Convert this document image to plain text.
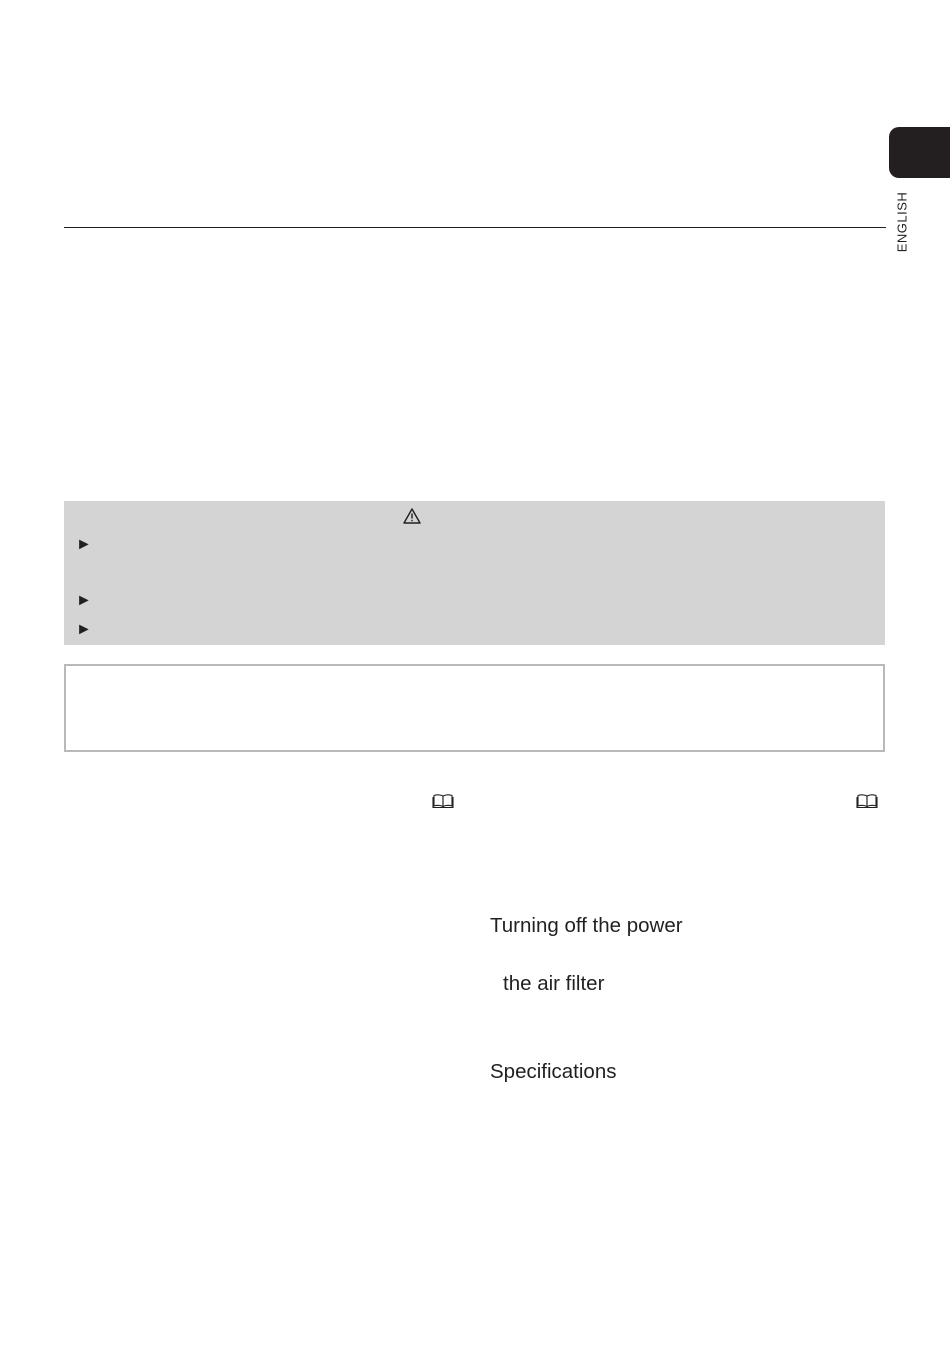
ENGLISH
►
►
►
Turning off the power
the air filter
Specifications
